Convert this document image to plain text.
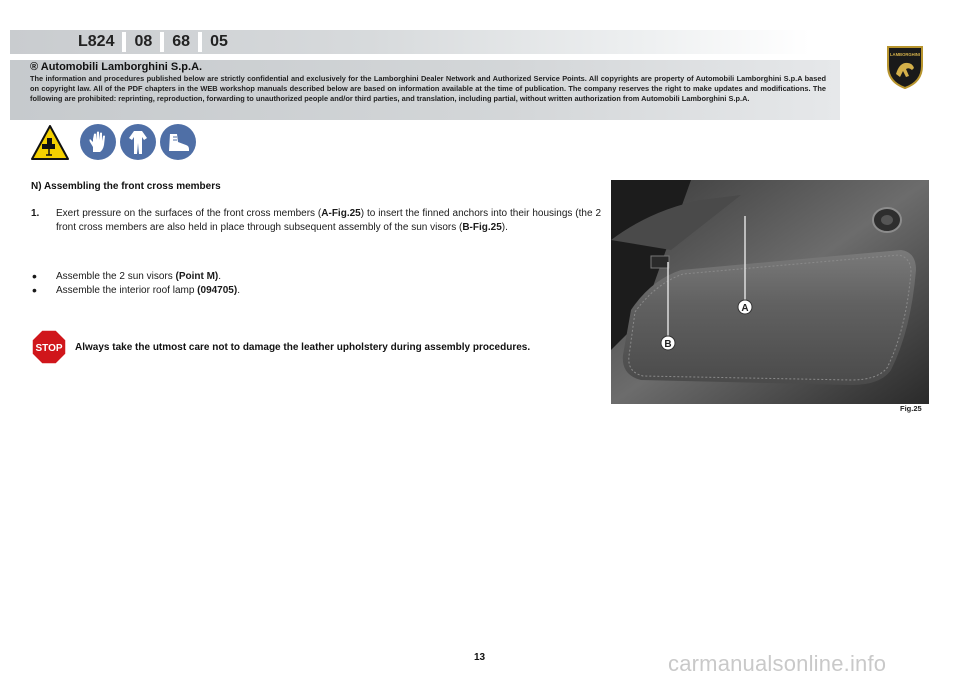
L824	08	68	05
LAMBORGHINI
® Automobili Lamborghini S.p.A.
The information and procedures published below are strictly confidential and exclusively for the Lamborghini Dealer Network and Authorized Service Points. All copyrights are property of Automobili Lamborghini S.p.A based on copyright law. All of the PDF chapters in the WEB workshop manuals described below are based on information available at the time of publication. The company reserves the right to make updates and modifications. The following are prohibited: reprinting, reproduction, forwarding to unauthorized people and/or third parties, and translation, including partial, without written authorization from Automobili Lamborghini S.p.A.
N) Assembling the front cross members
1. Exert pressure on the surfaces of the front cross members (A-Fig.25) to insert the finned anchors into their housings (the 2 front cross members are also held in place through subsequent assembly of the sun visors (B-Fig.25).

• Assemble the 2 sun visors (Point M).
• Assemble the interior roof lamp (094705).
STOP Always take the utmost care not to damage the leather upholstery during assembly procedures.
A
B
Fig.25
13	carmanualsonline.info
